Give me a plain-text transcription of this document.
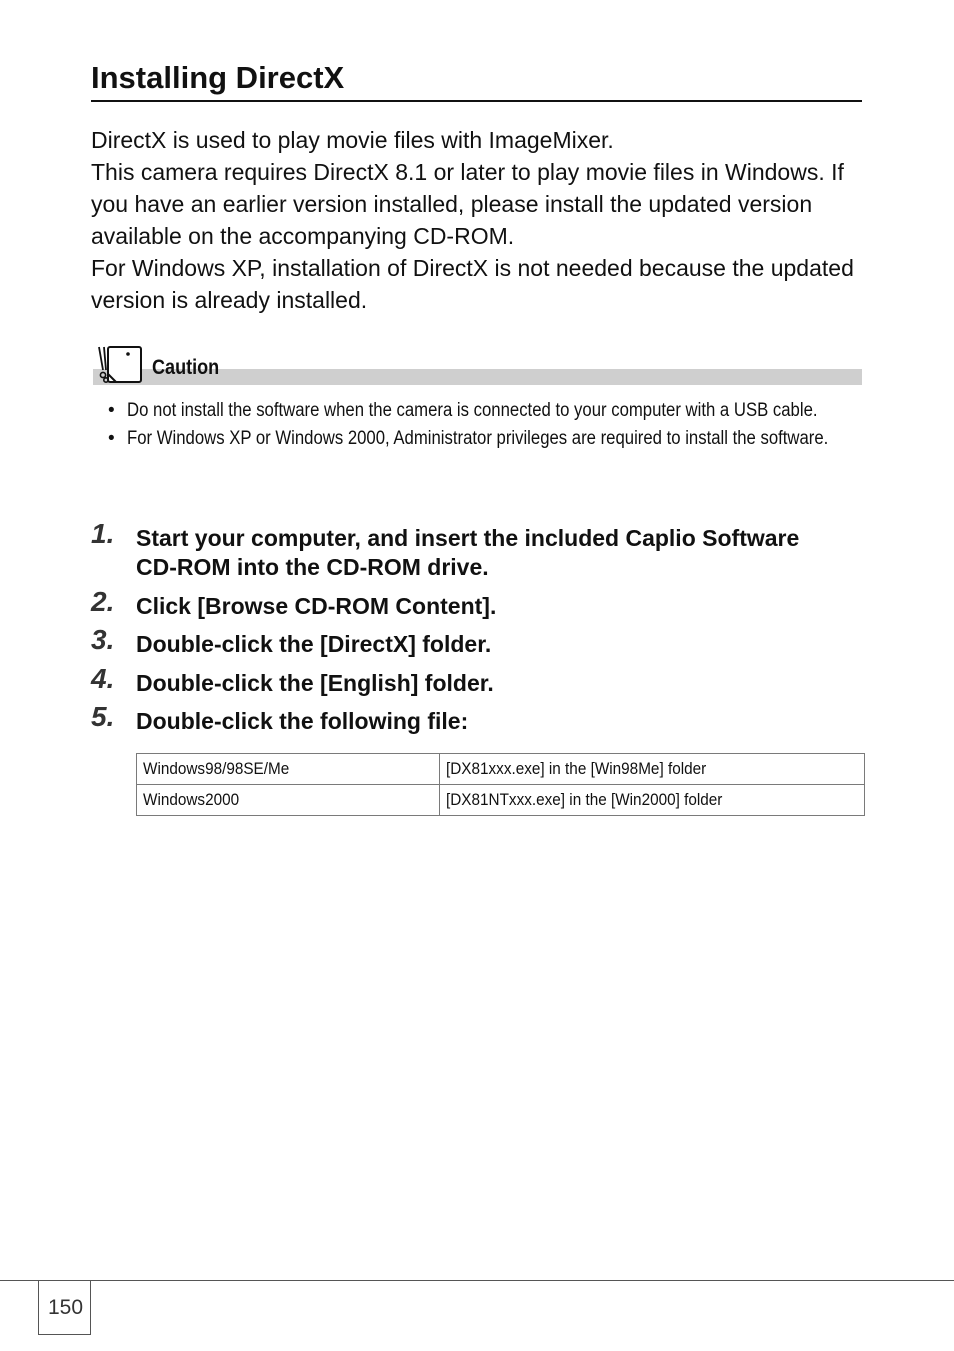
Installing DirectX

DirectX is used to play movie files with ImageMixer.

This camera requires DirectX 8.1 or later to play movie files in Windows. If you have an earlier version installed, please install the updated version available on the accompanying CD-ROM.

For Windows XP, installation of DirectX is not needed because the updated version is already installed.

Caution
• Do not install the software when the camera is connected to your computer with a USB cable.
• For Windows XP or Windows 2000, Administrator privileges are required to install the software.
1. Start your computer, and insert the included Caplio Software CD-ROM into the CD-ROM drive.
2. Click [Browse CD-ROM Content].
3. Double-click the [DirectX] folder.
4. Double-click the [English] folder.
5. Double-click the following file:
Windows98/98SE/Me	[DX81xxx.exe] in the [Win98Me] folder
Windows2000	[DX81NTxxx.exe] in the [Win2000] folder
150
